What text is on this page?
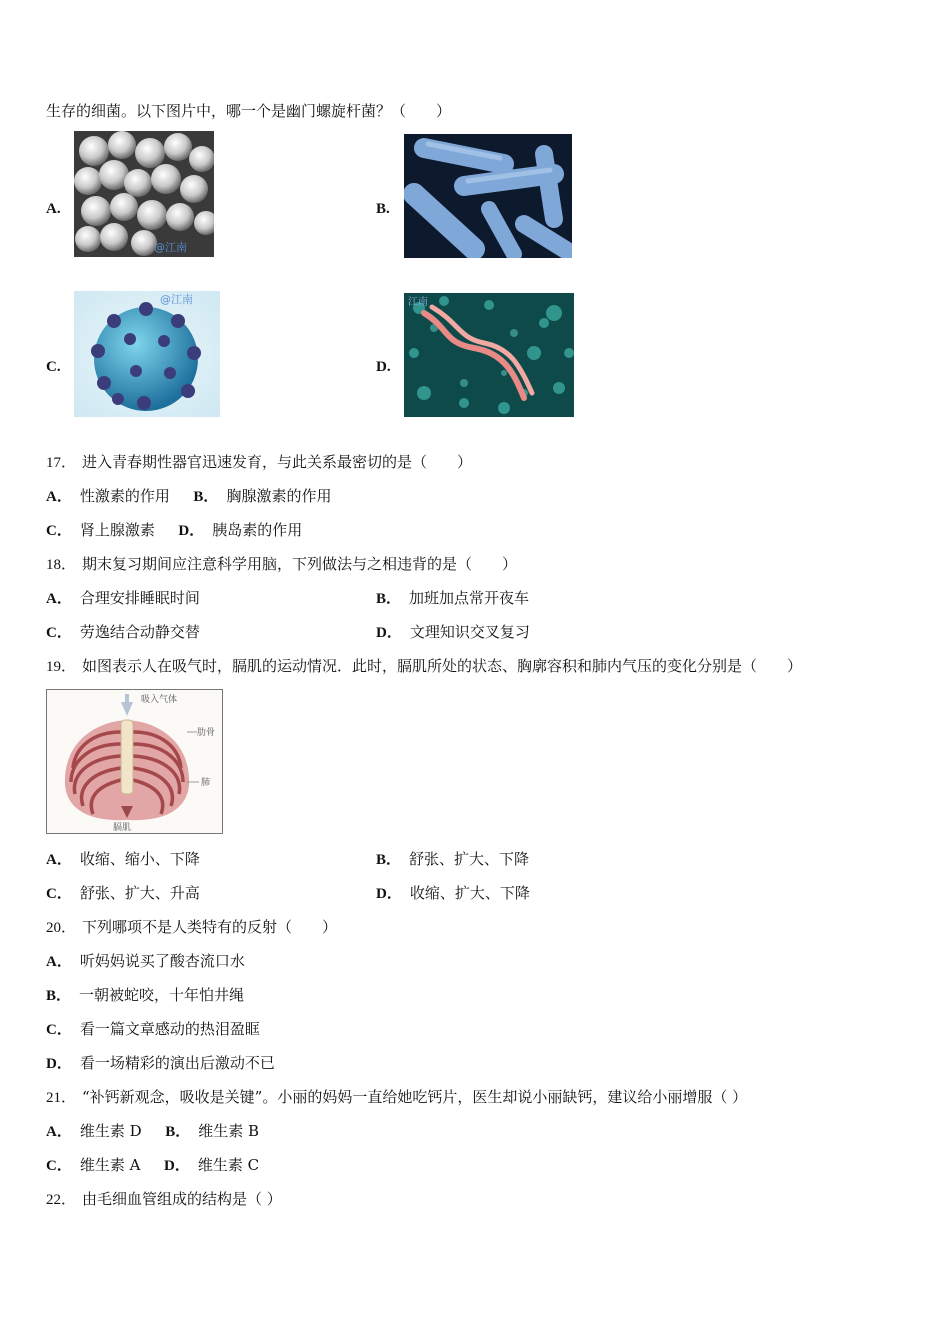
生存的细菌。以下图片中，哪一个是幽门螺旋杆菌？（　　）
A.
@江南
B.
C.
@江南
D.
江南
17． 进入青春期性器官迅速发育，与此关系最密切的是（　　）
A． 性激素的作用 B． 胸腺激素的作用
C． 肾上腺激素 D． 胰岛素的作用
18． 期末复习期间应注意科学用脑，下列做法与之相违背的是（　　）
A． 合理安排睡眠时间	B． 加班加点常开夜车
C． 劳逸结合动静交替	D． 文理知识交叉复习
19． 如图表示人在吸气时，膈肌的运动情况．此时，膈肌所处的状态、胸廓容积和肺内气压的变化分别是（　　）
吸入气体
肋骨
肺
膈肌
A． 收缩、缩小、下降	B． 舒张、扩大、下降
C． 舒张、扩大、升高	D． 收缩、扩大、下降
20． 下列哪项不是人类特有的反射（　　）
A． 听妈妈说买了酸杏流口水
B． 一朝被蛇咬，十年怕井绳
C． 看一篇文章感动的热泪盈眶
D． 看一场精彩的演出后激动不已
21． “补钙新观念，吸收是关键”。小丽的妈妈一直给她吃钙片，医生却说小丽缺钙，建议给小丽增服（ ）
A． 维生素 D B． 维生素 B
C． 维生素 A D． 维生素 C
22． 由毛细血管组成的结构是（ ）
